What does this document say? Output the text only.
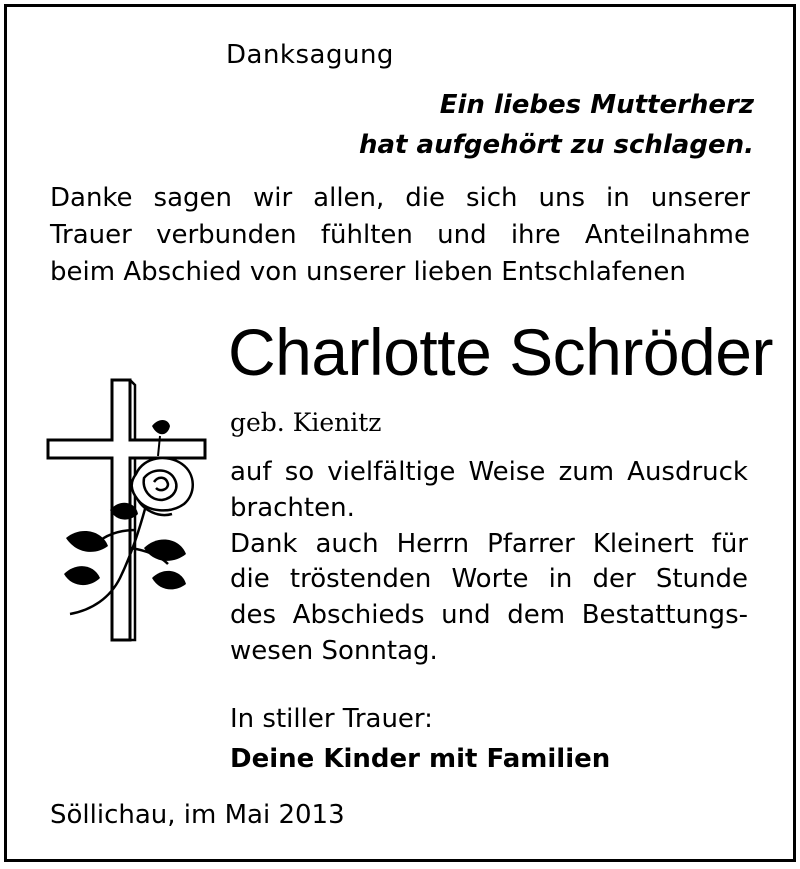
Danksagung
Ein liebes Mutterherz
hat aufgehört zu schlagen.
Danke sagen wir allen, die sich uns in unserer
Trauer verbunden fühlten und ihre Anteilnahme
beim Abschied von unserer lieben Entschlafenen
Charlotte Schröder
geb. Kienitz
auf so vielfältige Weise zum Ausdruck
brachten.
Dank auch Herrn Pfarrer Kleinert für
die tröstenden Worte in der Stunde
des Abschieds und dem Bestattungs-
wesen Sonntag.
In stiller Trauer:
Deine Kinder mit Familien
Söllichau, im Mai 2013
